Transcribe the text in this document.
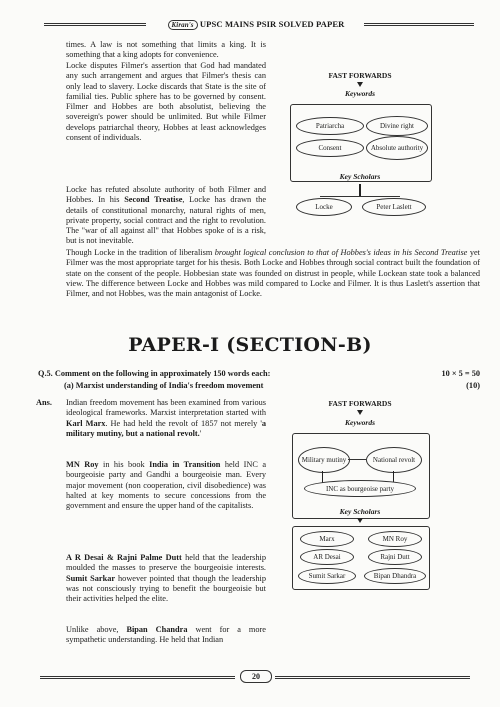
Kiran's UPSC MAINS PSIR SOLVED PAPER

times. A law is not something that limits a king. It is something that a king adopts for convenience.

Locke disputes Filmer's assertion that God had mandated any such arrangement and argues that Filmer's thesis can only lead to slavery. Locke discards that State is the site of familial ties. Public sphere has to be governed by consent. Filmer and Hobbes are both absolutist, believing the sovereign's power should be unlimited. But while Filmer develops patriarchal theory, Hobbes at least acknowledges consent of individuals.

Locke has refuted absolute authority of both Filmer and Hobbes. In his Second Treatise, Locke has drawn the details of constitutional monarchy, natural rights of men, private property, social contract and the right to revolution. The "war of all against all" that Hobbes spoke of is a risk, but is not inevitable.

Though Locke in the tradition of liberalism brought logical conclusion to that of Hobbes's ideas in his Second Treatise yet Filmer was the most appropriate target for his thesis. Both Locke and Hobbes through social contract built the foundation of state on the consent of the people. Hobbesian state was founded on distrust in people, while Lockean state took a balanced view. The difference between Locke and Hobbes was mild compared to Locke and Filmer. It is thus Laslett's assertion that Filmer, and not Hobbes, was the main antagonist of Locke.

FAST FORWARDS
Keywords
Patriarcha	Divine right
Consent	Absolute authority
Key Scholars
Locke	Peter Laslett
PAPER-I (SECTION-B)
Q.5. Comment on the following in approximately 150 words each:	10 × 5 = 50
(a) Marxist understanding of India's freedom movement	(10)
Ans.	Indian freedom movement has been examined from various ideological frameworks. Marxist interpretation started with Karl Marx. He had held the revolt of 1857 not merely 'a military mutiny, but a national revolt.'

MN Roy in his book India in Transition held INC a bourgeoisie party and Gandhi a bourgeoisie man. Every major movement (non cooperation, civil disobedience) was halted at key moments to secure concessions from the government and ensure the upper hand of the capitalists.

A R Desai & Rajni Palme Dutt held that the leadership moulded the masses to preserve the bourgeoisie interests. Sumit Sarkar however pointed that though the leadership was not consciously trying to benefit the bourgeoisie but their activities helped the elite.

Unlike above, Bipan Chandra went for a more sympathetic understanding. He held that Indian

FAST FORWARDS
Keywords
Military mutiny	National revolt
INC as bourgeoise party
Key Scholars
Marx	MN Roy
AR Desai	Rajni Dutt
Sumit Sarkar	Bipan Dhandra
20
